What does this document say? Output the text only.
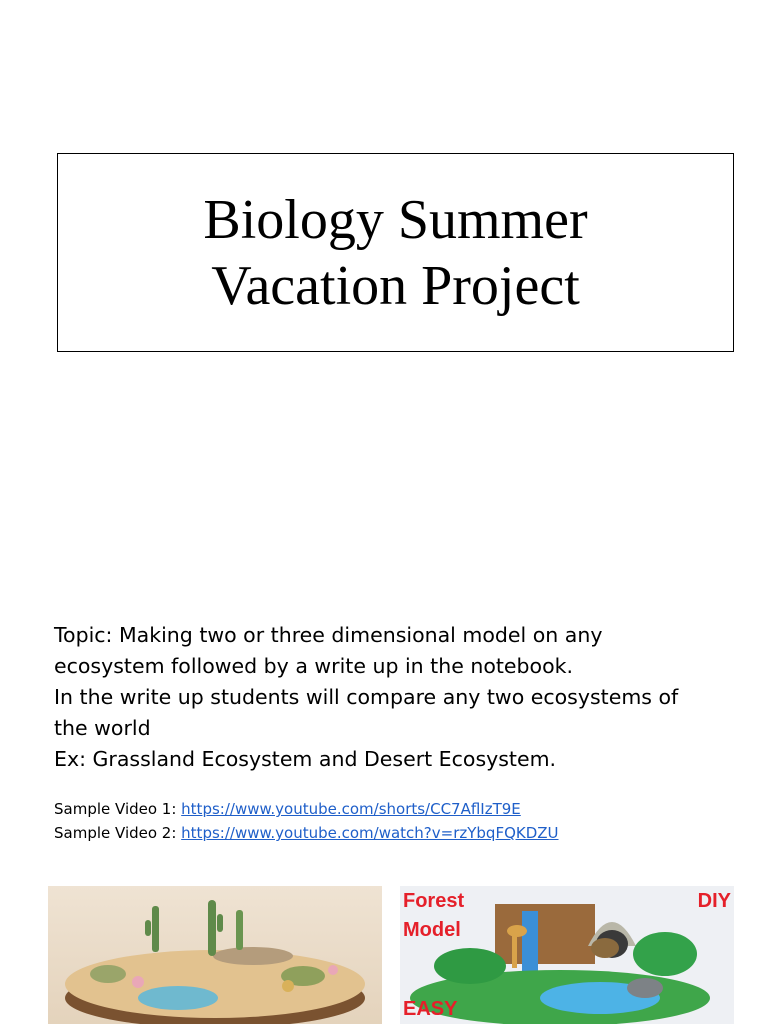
Biology Summer
Vacation Project
Topic: Making two or three dimensional model on any
ecosystem followed by a write up in the notebook.
In the write up students will compare any two ecosystems of
the world
Ex: Grassland Ecosystem and Desert Ecosystem.
Sample Video 1: https://www.youtube.com/shorts/CC7AflIzT9E
Sample Video 2: https://www.youtube.com/watch?v=rzYbqFQKDZU
Forest
Model
DIY
EASY
